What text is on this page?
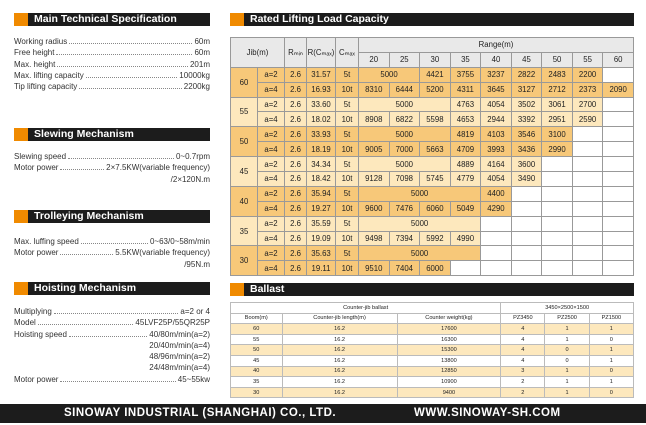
Main Technical Specification	Rated Lifting Load Capacity
Slewing Mechanism
Trolleying Mechanism
Hoisting Mechanism	Ballast
Working radius	60m
Free height	60m
Max. height	201m
Max. lifting capacity	10000kg
Tip lifting capacity	2200kg
Slewing speed	0~0.7rpm
Motor power	2×7.5KW(variable frequency)
/2×120N.m
Max. luffing speed	0~63/0~58m/min
Motor power	5.5KW(variable frequency)
/95N.m
Multiplying	a=2 or 4
Model	45LVF25P/55QR25P
Hoisting speed	40/80m/min(a=2)
20/40m/min(a=4)
48/96m/min(a=2)
24/48m/min(a=4)
Motor power	45~55kw
Jib(m)		Rₘᵢₙ	R(Cₘₐₓ)	Cₘₐₓ	Range(m)								
					20	25	30	35	40	45	50	55	60
60	a=2	2.6	31.57	5t	5000		4421	3755	3237	2822	2483	2200	
	a=4	2.6	16.93	10t	8310	6444	5200	4311	3645	3127	2712	2373	2090
55	a=2	2.6	33.60	5t	5000			4763	4054	3502	3061	2700	
	a=4	2.6	18.02	10t	8908	6822	5598	4653	2944	3392	2951	2590	
50	a=2	2.6	33.93	5t	5000			4819	4103	3546	3100		
	a=4	2.6	18.19	10t	9005	7000	5663	4709	3993	3436	2990		
45	a=2	2.6	34.34	5t	5000			4889	4164	3600			
	a=4	2.6	18.42	10t	9128	7098	5745	4779	4054	3490			
40	a=2	2.6	35.94	5t	5000				4400				
	a=4	2.6	19.27	10t	9600	7476	6060	5049	4290				
35	a=2	2.6	35.59	5t	5000								
	a=4	2.6	19.09	10t	9498	7394	5992	4990					
30	a=2	2.6	35.63	5t	5000								
	a=4	2.6	19.11	10t	9510	7404	6000						
Counter-jib ballast			3450×2500×1500		
Boom(m)	Counter-jib length(m)	Counter weight(kg)	PZ3450	PZ2500	PZ1500
60	16.2	17600	4	1	1
55	16.2	16300	4	1	0
50	16.2	15300	4	0	1
45	16.2	13800	4	0	1
40	16.2	12850	3	1	0
35	16.2	10900	2	1	1
30	16.2	9400	2	1	0
SINOWAY INDUSTRIAL (SHANGHAI) CO., LTD.	WWW.SINOWAY-SH.COM
